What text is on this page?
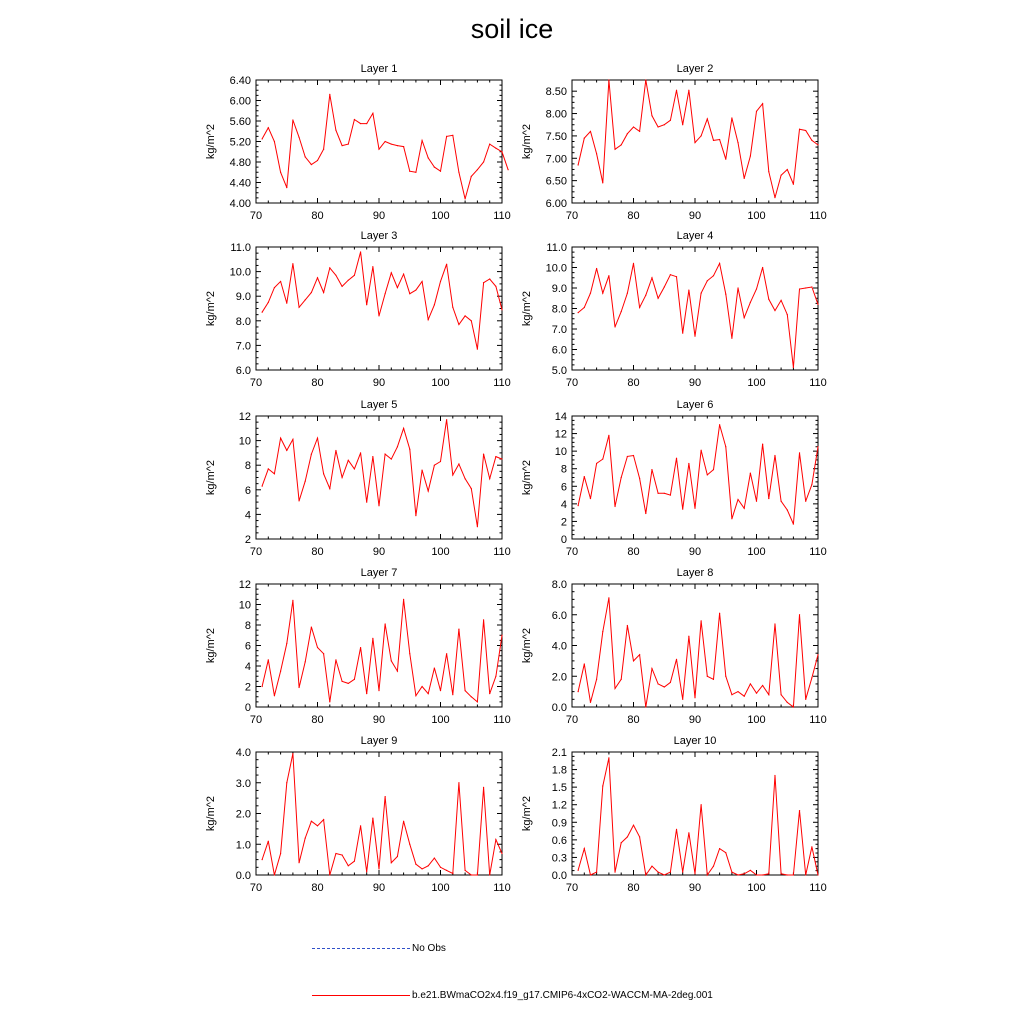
soil ice
70	80	90	100	110
4.00
4.40
4.80
5.20
5.60
6.00
6.40
Layer 1
kg/m^2
70	80	90	100	110
6.00
6.50
7.00
7.50
8.00
8.50
Layer 2
kg/m^2
70	80	90	100	110
6.0
7.0
8.0
9.0
10.0
11.0
Layer 3
kg/m^2
70	80	90	100	110
5.0
6.0
7.0
8.0
9.0
10.0
11.0
Layer 4
kg/m^2
70	80	90	100	110
2
4
6
8
10
12
Layer 5
kg/m^2
70	80	90	100	110
0
2
4
6
8
10
12
14
Layer 6
kg/m^2
70	80	90	100	110
0
2
4
6
8
10
12
Layer 7
kg/m^2
70	80	90	100	110
0.0
2.0
4.0
6.0
8.0
Layer 8
kg/m^2
70	80	90	100	110
0.0
1.0
2.0
3.0
4.0
Layer 9
kg/m^2
70	80	90	100	110
0.0
0.3
0.6
0.9
1.2
1.5
1.8
2.1
Layer 10
kg/m^2
No Obs
b.e21.BWmaCO2x4.f19_g17.CMIP6-4xCO2-WACCM-MA-2deg.001
